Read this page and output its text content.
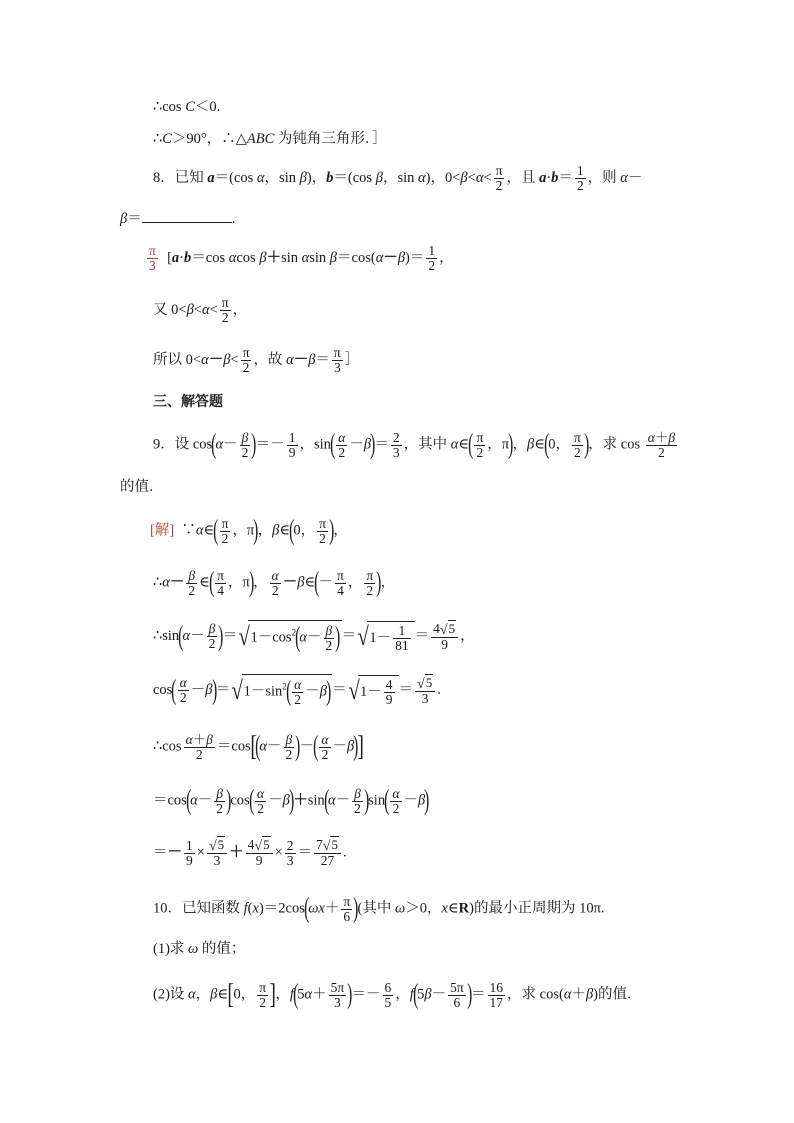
∴cos C＜0.
∴C＞90°，∴△ABC 为钝角三角形．］
8．已知 a＝(cos α，sin β)，b＝(cos β，sin α)，$0<\beta<\alpha< \frac{\pi}{2}$ ，且 $a\cdot b= \frac{1}{2}$ ，则 α－
β＝	.
$\frac{\pi}{3} [a\cdot b=\cos$ αcos β＋sin αsin $\beta=\cos(\alpha-\beta)= \frac{1}{2}$ ，
又 $0<\beta<\alpha< \frac{\pi}{2}$ ，
所以 $0<\alpha-\beta< \frac{\pi}{2}$ ，故 $\alpha-\beta= \frac{\pi}{3}$ ］
三、解答题
9．设 $\cos(\alpha- \frac{\beta}{2}$ )＝－ $\frac{1}{9}$ ，$\sin( \frac{\alpha}{2} -\beta)= \frac{2}{3}$ ，其中 α∈( $\frac{\pi}{2}$ ，π)，β∈(0， $\frac{\pi}{2}$ )，求 $\cos \frac{\alpha+\beta}{2}$
的值．
[解]  ∵α∈( $\frac{\pi}{2}$ ，π)，β∈(0， $\frac{\pi}{2}$ )，
∴α－ $\frac{\beta}{2}$ ∈( $\frac{\pi}{4}$ ，π)， $\frac{\alpha}{2}$ －β∈(－ $\frac{\pi}{4}$ ， $\frac{\pi}{2}$ )，
∴sin(α－ $\frac{\beta}{2} )=√1-\cos^2(\alpha- \frac{\beta}{2} )=√1- \frac{1}{81} = \frac{4√5}{9}$ ，
$\cos( \frac{\alpha}{2} -\beta)=√1-\sin^2( \frac{\alpha}{2} -\beta)=√1- \frac{4}{9} = \frac{√5}{3}$ .
∴cos $\frac{\alpha+\beta}{2} =\cos[(\alpha- \frac{\beta}{2}$ )－( $\frac{\alpha}{2} -\beta$)]
$=\cos(\alpha- \frac{\beta}{2} )\cos( \frac{\alpha}{2} -\beta)+\sin(\alpha- \frac{\beta}{2} )\sin( \frac{\alpha}{2} -\beta)$
＝－ $\frac{1}{9} \times \frac{√5}{3} + \frac{4√5}{9} \times \frac{2}{3} = \frac{7√5}{27}$ .
10．已知函数 $f(x)=2\cos(\omega x+ \frac{\pi}{6}$ )(其中 ω＞0，x∈R)的最小正周期为 10π.
(1)求 ω 的值；
(2)设 α，β∈[0， $\frac{\pi}{2}$ ]，$f(5\alpha+ \frac{5\pi}{3}$ )＝－ $\frac{6}{5}$ ，$f(5\beta- \frac{5\pi}{6}$ )＝ $\frac{16}{17}$ ，求 cos(α＋β)的值．
